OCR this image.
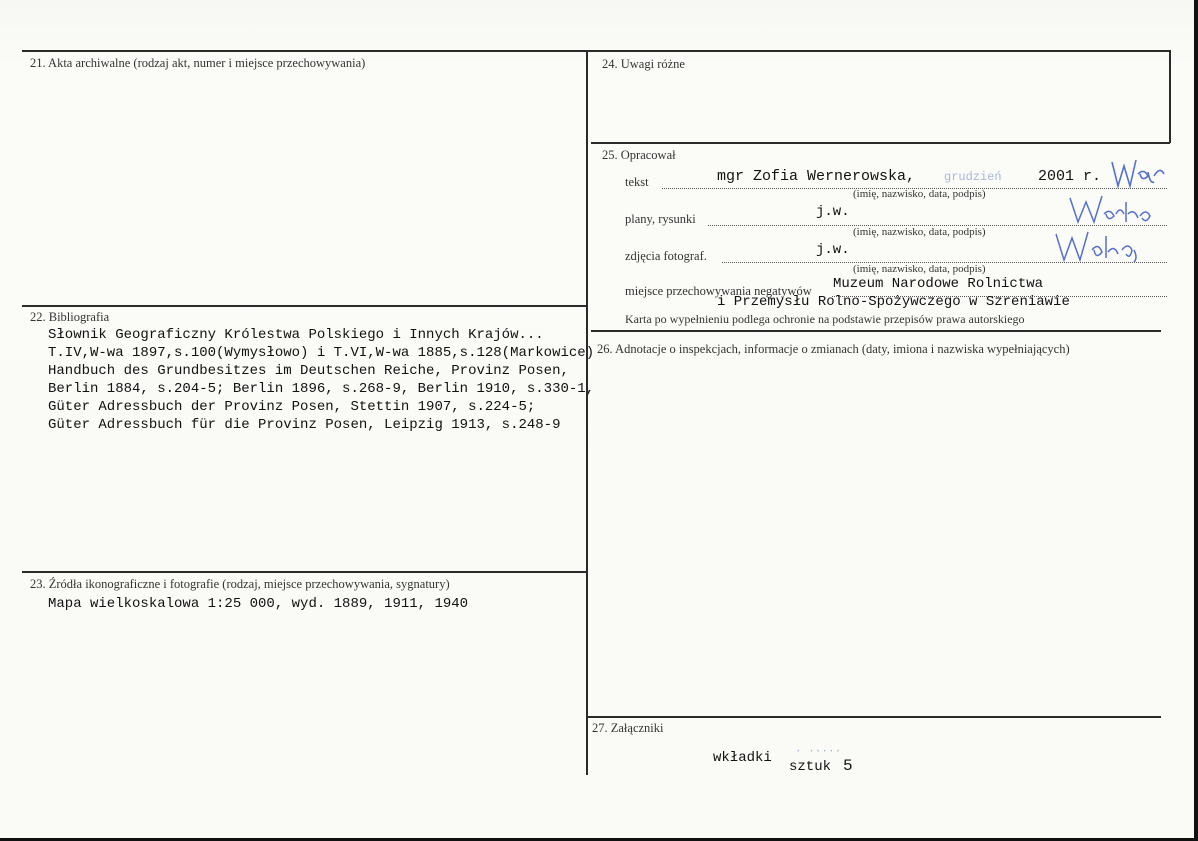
21. Akta archiwalne (rodzaj akt, numer i miejsce przechowywania)	24. Uwagi różne
25. Opracował
tekst	mgr Zofia Wernerowska, grudzień 2001 r.
(imię, nazwisko, data, podpis)
plany, rysunki	j.w.
(imię, nazwisko, data, podpis)
zdjęcia fotograf.	j.w.
(imię, nazwisko, data, podpis)
miejsce przechowywania negatywów Muzeum Narodowe Rolnictwa
i Przemysłu Rolno-Spożywczego w Szreniawie
Karta po wypełnieniu podlega ochronie na podstawie przepisów prawa autorskiego
26. Adnotacje o inspekcjach, informacje o zmianach (daty, imiona i nazwiska wypełniających)
22. Bibliografia
Słownik Geograficzny Królestwa Polskiego i Innych Krajów...
T.IV,W-wa 1897,s.100(Wymysłowo) i T.VI,W-wa 1885,s.128(Markowice)
Handbuch des Grundbesitzes im Deutschen Reiche, Provinz Posen,
Berlin 1884, s.204-5; Berlin 1896, s.268-9, Berlin 1910, s.330-1,
Güter Adressbuch der Provinz Posen, Stettin 1907, s.224-5;
Güter Adressbuch für die Provinz Posen, Leipzig 1913, s.248-9
23. Źródła ikonograficzne i fotografie (rodzaj, miejsce przechowywania, sygnatury)
Mapa wielkoskalowa 1:25 000, wyd. 1889, 1911, 1940
27. Załączniki
wkładki · ·····
sztuk 5
